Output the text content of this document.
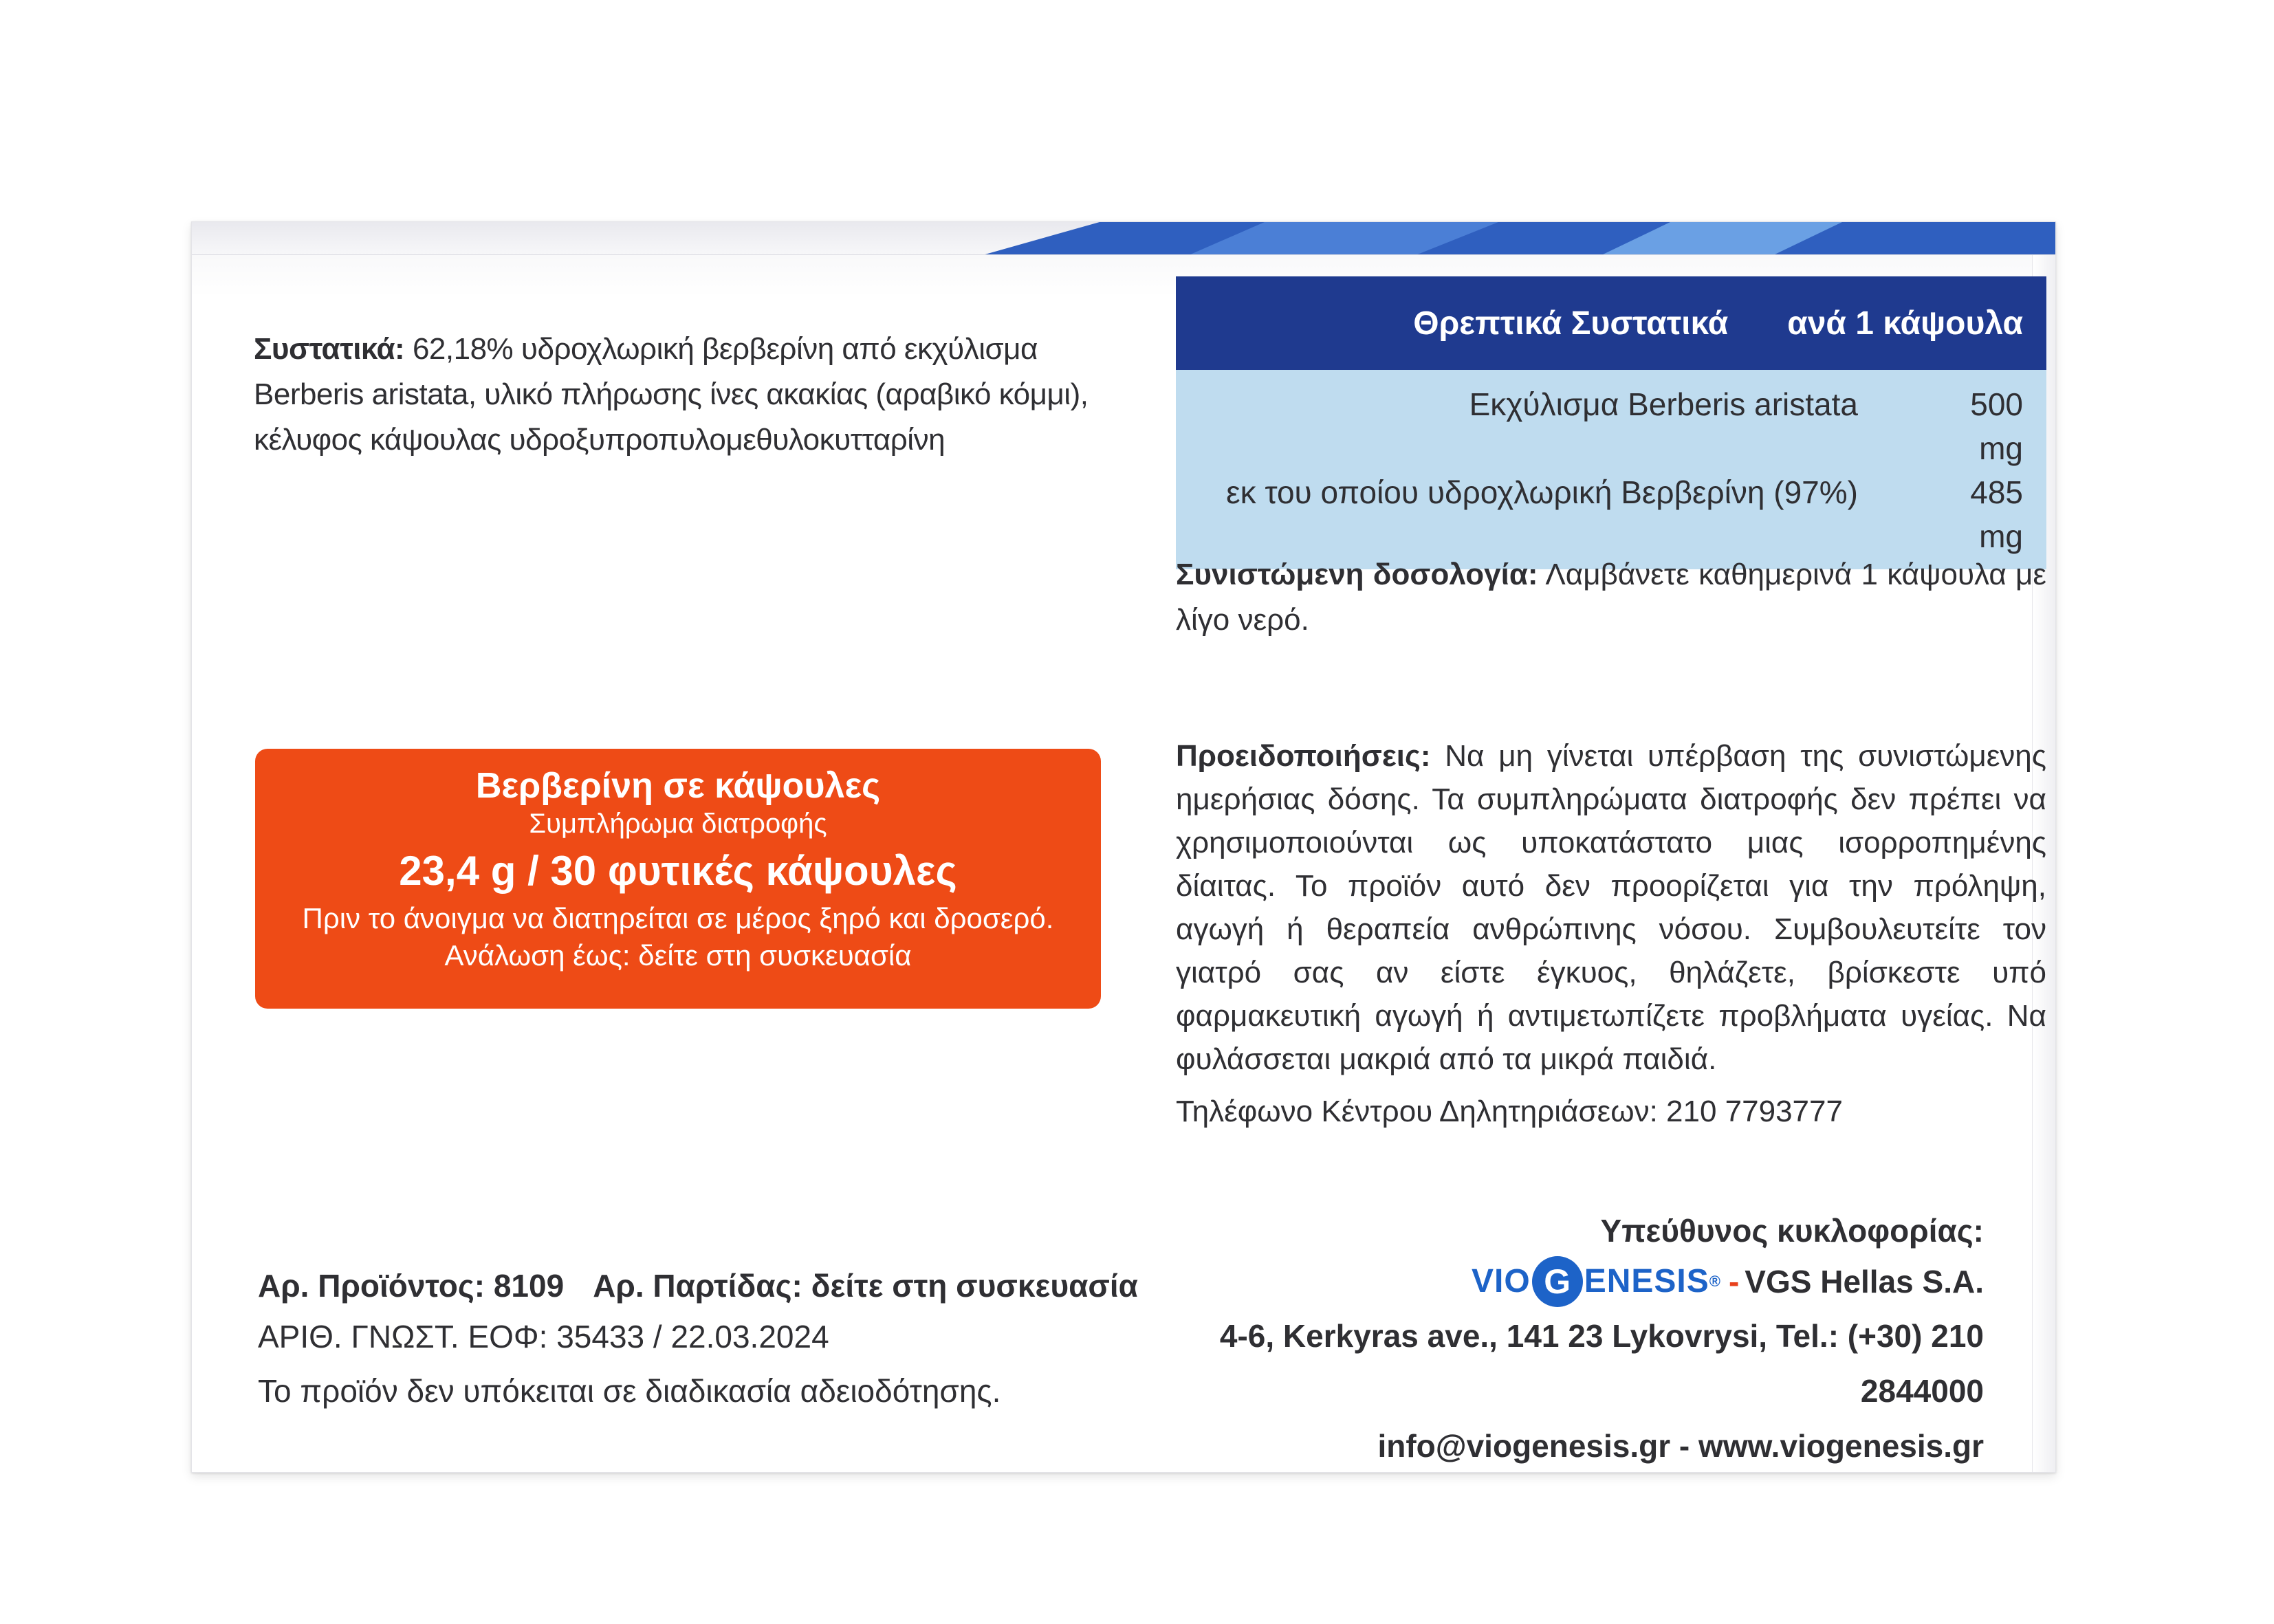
Συστατικά: 62,18% υδροχλωρική βερβερίνη από εκχύλισμα Berberis aristata, υλικό πλήρωσης ίνες ακακίας (αραβικό κόμμι), κέλυφος κάψουλας υδροξυπροπυλομεθυλοκυτταρίνη
Θρεπτικά Συστατικά ανά 1 κάψουλα
Εκχύλισμα Berberis aristata	500 mg
εκ του οποίου υδροχλωρική Βερβερίνη (97%)	485 mg
Συνιστώμενη δοσολογία: Λαμβάνετε καθημερινά 1 κάψουλα με λίγο νερό.
Προειδοποιήσεις: Να μη γίνεται υπέρβαση της συνιστώμενης ημερήσιας δόσης. Τα συμπληρώματα διατροφής δεν πρέπει να χρησιμοποιούνται ως υποκατάστατο μιας ισορροπημένης δίαιτας. Το προϊόν αυτό δεν προορίζεται για την πρόληψη, αγωγή ή θεραπεία ανθρώπινης νόσου. Συμβουλευτείτε τον γιατρό σας αν είστε έγκυος, θηλάζετε, βρίσκεστε υπό φαρμακευτική αγωγή ή αντιμετωπίζετε προβλήματα υγείας. Να φυλάσσεται μακριά από τα μικρά παιδιά.
Τηλέφωνο Κέντρου Δηλητηριάσεων: 210 7793777
Βερβερίνη σε κάψουλες
Συμπλήρωμα διατροφής
23,4 g / 30 φυτικές κάψουλες
Πριν το άνοιγμα να διατηρείται σε μέρος ξηρό και δροσερό.
Ανάλωση έως: δείτε στη συσκευασία
Αρ. Προϊόντος: 8109 Αρ. Παρτίδας: δείτε στη συσκευασία
ΑΡΙΘ. ΓΝΩΣΤ. ΕΟΦ: 35433 / 22.03.2024
Το προϊόν δεν υπόκειται σε διαδικασία αδειοδότησης.
Υπεύθυνος κυκλοφορίας:
VIO G ENESIS ® - VGS Hellas S.A.
4-6, Kerkyras ave., 141 23 Lykovrysi, Tel.: (+30) 210 2844000
info@viogenesis.gr - www.viogenesis.gr
